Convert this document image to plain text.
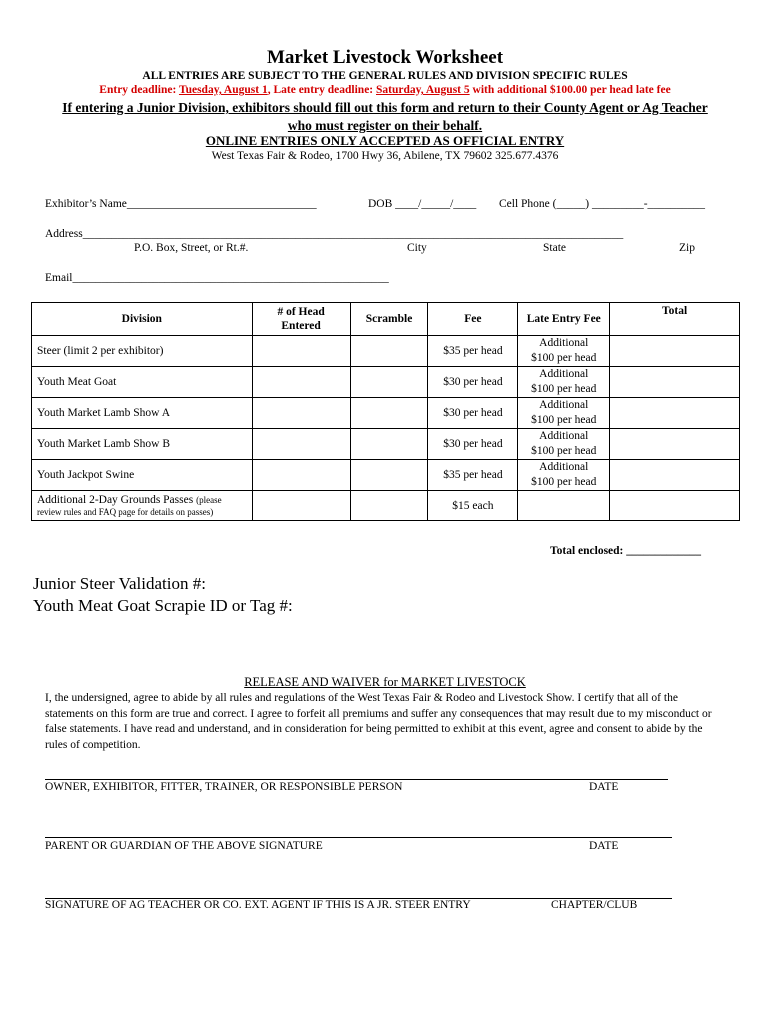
Market Livestock Worksheet
ALL ENTRIES ARE SUBJECT TO THE GENERAL RULES AND DIVISION SPECIFIC RULES
Entry deadline: Tuesday, August 1, Late entry deadline: Saturday, August 5 with additional $100.00 per head late fee
If entering a Junior Division, exhibitors should fill out this form and return to their County Agent or Ag Teacher
who must register on their behalf.
ONLINE ENTRIES ONLY ACCEPTED AS OFFICIAL ENTRY
West Texas Fair & Rodeo, 1700 Hwy 36, Abilene, TX 79602 325.677.4376
Exhibitor’s Name_________________________________	DOB ____/_____/____ Cell Phone (_____) _________-__________
Address______________________________________________________________________________________________
P.O. Box, Street, or Rt.#.	City	State	Zip
Email_______________________________________________________
Division	# of Head Entered	Scramble	Fee	Late Entry Fee	Total
Steer (limit 2 per exhibitor)			$35 per head	Additional
$100 per head	

Youth Meat Goat			$30 per head	Additional
$100 per head	

Youth Market Lamb Show A			$30 per head	Additional
$100 per head	

Youth Market Lamb Show B			$30 per head	Additional
$100 per head	

Youth Jackpot Swine			$35 per head	Additional
$100 per head	

Additional 2-Day Grounds Passes (please
review rules and FAQ page for details on passes)			$15 each		
Total enclosed: _____________
Junior Steer Validation #:
Youth Meat Goat Scrapie ID or Tag #:
RELEASE AND WAIVER for MARKET LIVESTOCK
I, the undersigned, agree to abide by all rules and regulations of the West Texas Fair & Rodeo and Livestock Show. I certify that all of the statements on this form are true and correct. I agree to forfeit all premiums and suffer any consequences that may result due to my misconduct or false statements. I have read and understand, and in consideration for being permitted to exhibit at this event, agree and consent to abide by the rules of competition.
OWNER, EXHIBITOR, FITTER, TRAINER, OR RESPONSIBLE PERSON	DATE
PARENT OR GUARDIAN OF THE ABOVE SIGNATURE	DATE
SIGNATURE OF AG TEACHER OR CO. EXT. AGENT IF THIS IS A JR. STEER ENTRY	CHAPTER/CLUB
